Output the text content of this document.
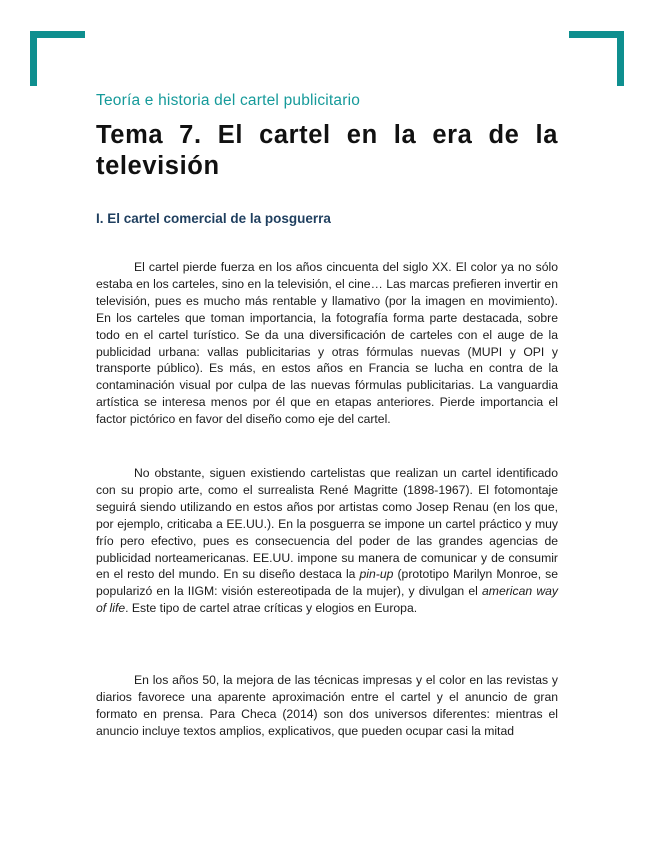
Teoría e historia del cartel publicitario
Tema 7. El cartel en la era de la televisión
I. El cartel comercial de la posguerra

El cartel pierde fuerza en los años cincuenta del siglo XX. El color ya no sólo estaba en los carteles, sino en la televisión, el cine… Las marcas prefieren invertir en televisión, pues es mucho más rentable y llamativo (por la imagen en movimiento). En los carteles que toman importancia, la fotografía forma parte destacada, sobre todo en el cartel turístico. Se da una diversificación de carteles con el auge de la publicidad urbana: vallas publicitarias y otras fórmulas nuevas (MUPI y OPI y transporte público). Es más, en estos años en Francia se lucha en contra de la contaminación visual por culpa de las nuevas fórmulas publicitarias. La vanguardia artística se interesa menos por él que en etapas anteriores. Pierde importancia el factor pictórico en favor del diseño como eje del cartel.

No obstante, siguen existiendo cartelistas que realizan un cartel identificado con su propio arte, como el surrealista René Magritte (1898-1967). El fotomontaje seguirá siendo utilizando en estos años por artistas como Josep Renau (en los que, por ejemplo, criticaba a EE.UU.). En la posguerra se impone un cartel práctico y muy frío pero efectivo, pues es consecuencia del poder de las grandes agencias de publicidad norteamericanas. EE.UU. impone su manera de comunicar y de consumir en el resto del mundo. En su diseño destaca la pin-up (prototipo Marilyn Monroe, se popularizó en la IIGM: visión estereotipada de la mujer), y divulgan el american way of life. Este tipo de cartel atrae críticas y elogios en Europa.

En los años 50, la mejora de las técnicas impresas y el color en las revistas y diarios favorece una aparente aproximación entre el cartel y el anuncio de gran formato en prensa. Para Checa (2014) son dos universos diferentes: mientras el anuncio incluye textos amplios, explicativos, que pueden ocupar casi la mitad
